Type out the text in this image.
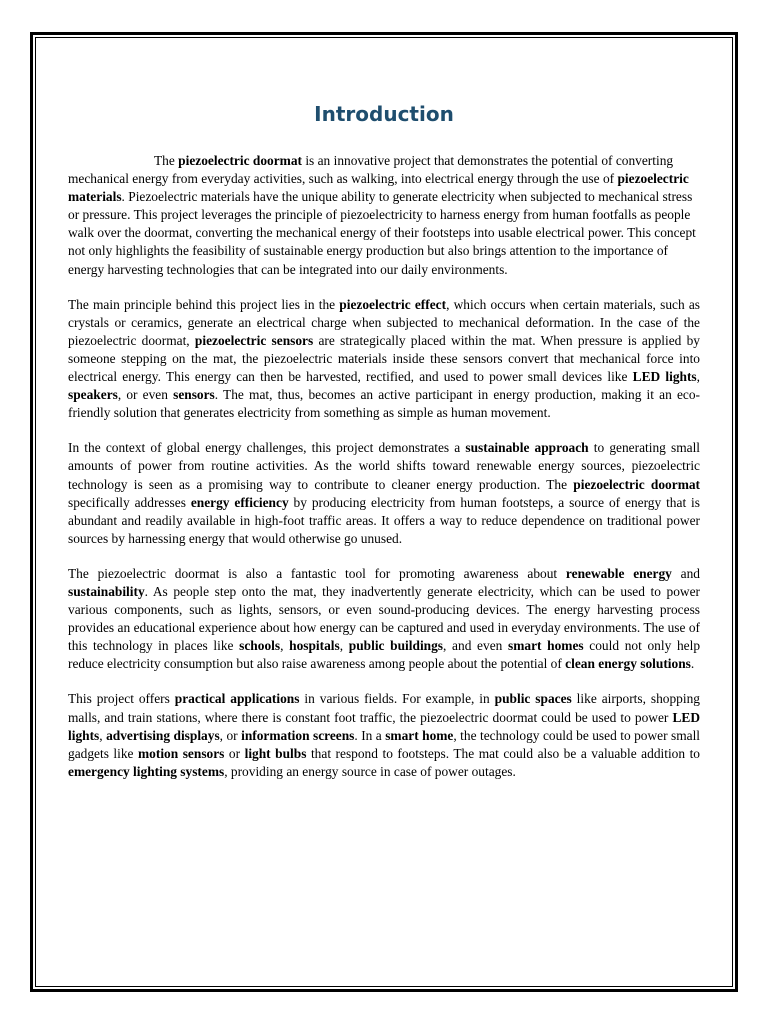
Introduction

The piezoelectric doormat is an innovative project that demonstrates the potential of converting mechanical energy from everyday activities, such as walking, into electrical energy through the use of piezoelectric materials. Piezoelectric materials have the unique ability to generate electricity when subjected to mechanical stress or pressure. This project leverages the principle of piezoelectricity to harness energy from human footfalls as people walk over the doormat, converting the mechanical energy of their footsteps into usable electrical power. This concept not only highlights the feasibility of sustainable energy production but also brings attention to the importance of energy harvesting technologies that can be integrated into our daily environments.

The main principle behind this project lies in the piezoelectric effect, which occurs when certain materials, such as crystals or ceramics, generate an electrical charge when subjected to mechanical deformation. In the case of the piezoelectric doormat, piezoelectric sensors are strategically placed within the mat. When pressure is applied by someone stepping on the mat, the piezoelectric materials inside these sensors convert that mechanical force into electrical energy. This energy can then be harvested, rectified, and used to power small devices like LED lights, speakers, or even sensors. The mat, thus, becomes an active participant in energy production, making it an eco-friendly solution that generates electricity from something as simple as human movement.

In the context of global energy challenges, this project demonstrates a sustainable approach to generating small amounts of power from routine activities. As the world shifts toward renewable energy sources, piezoelectric technology is seen as a promising way to contribute to cleaner energy production. The piezoelectric doormat specifically addresses energy efficiency by producing electricity from human footsteps, a source of energy that is abundant and readily available in high-foot traffic areas. It offers a way to reduce dependence on traditional power sources by harnessing energy that would otherwise go unused.

The piezoelectric doormat is also a fantastic tool for promoting awareness about renewable energy and sustainability. As people step onto the mat, they inadvertently generate electricity, which can be used to power various components, such as lights, sensors, or even sound-producing devices. The energy harvesting process provides an educational experience about how energy can be captured and used in everyday environments. The use of this technology in places like schools, hospitals, public buildings, and even smart homes could not only help reduce electricity consumption but also raise awareness among people about the potential of clean energy solutions.

This project offers practical applications in various fields. For example, in public spaces like airports, shopping malls, and train stations, where there is constant foot traffic, the piezoelectric doormat could be used to power LED lights, advertising displays, or information screens. In a smart home, the technology could be used to power small gadgets like motion sensors or light bulbs that respond to footsteps. The mat could also be a valuable addition to emergency lighting systems, providing an energy source in case of power outages.
